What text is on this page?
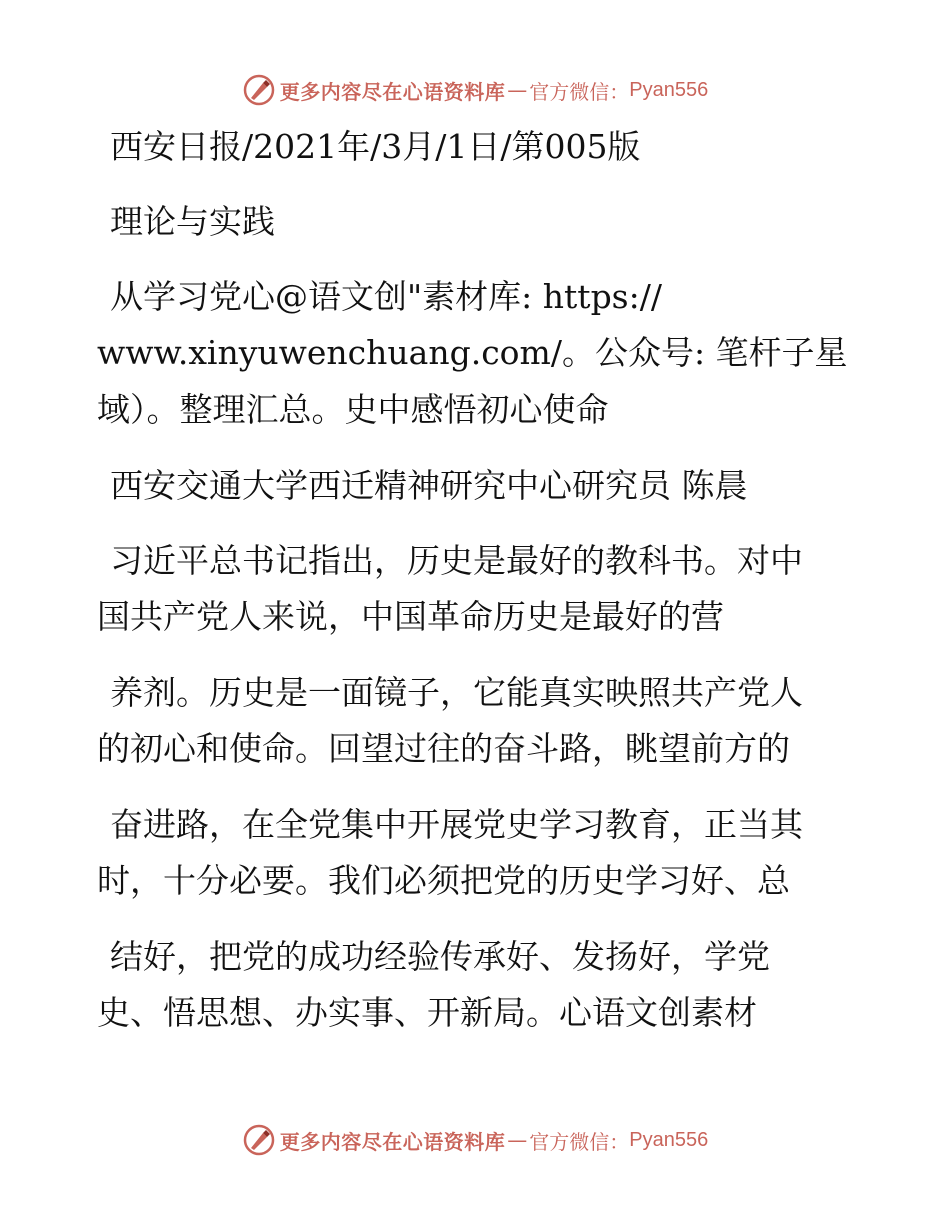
更多内容尽在心语资料库 — 官方微信： Pyan556
西安日报/2021年/3月/1日/第005版
理论与实践
从学习党心@语文创"素材库: https://
www.xinyuwenchuang.com/。公众号: 笔杆子星
域）。整理汇总。史中感悟初心使命
西安交通大学西迁精神研究中心研究员 陈晨
习近平总书记指出，历史是最好的教科书。对中
国共产党人来说，中国革命历史是最好的营
养剂。历史是一面镜子，它能真实映照共产党人
的初心和使命。回望过往的奋斗路，眺望前方的
奋进路，在全党集中开展党史学习教育，正当其
时，十分必要。我们必须把党的历史学习好、总
结好，把党的成功经验传承好、发扬好，学党
史、悟思想、办实事、开新局。心语文创素材
更多内容尽在心语资料库 — 官方微信： Pyan556
